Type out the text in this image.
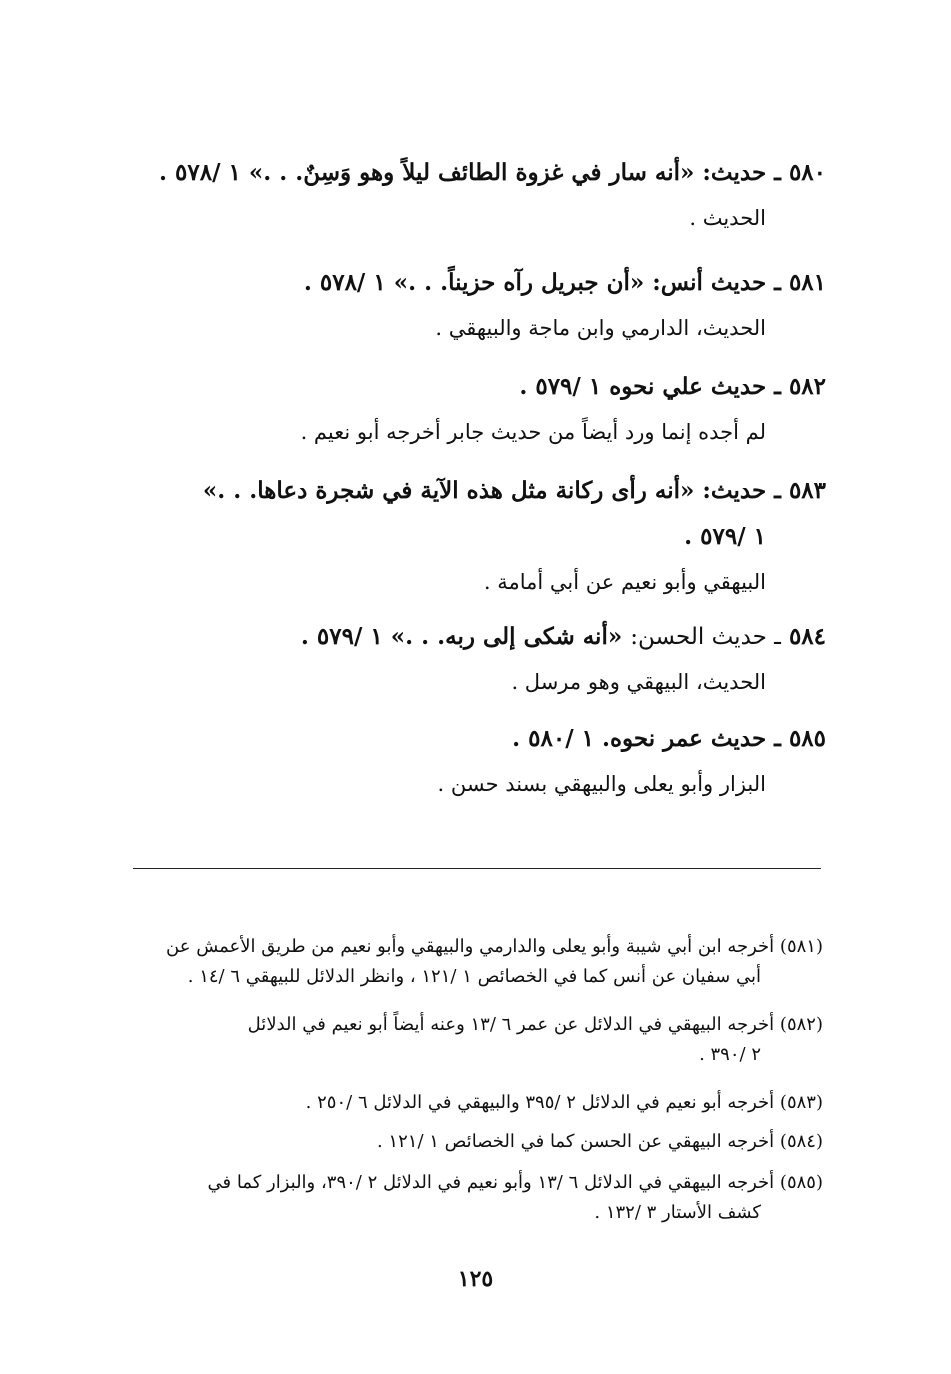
٥٨٠ ـ حديث: «أنه سار في غزوة الطائف ليلاً وهو وَسِنٌ. . .» ١ /٥٧٨ .
الحديث .
٥٨١ ـ حديث أنس: «أن جبريل رآه حزيناً. . .» ١ /٥٧٨ .
الحديث، الدارمي وابن ماجة والبيهقي .
٥٨٢ ـ حديث علي نحوه ١ /٥٧٩ .
لم أجده إنما ورد أيضاً من حديث جابر أخرجه أبو نعيم .
٥٨٣ ـ حديث: «أنه رأى ركانة مثل هذه الآية في شجرة دعاها. . .»
١ /٥٧٩ .
البيهقي وأبو نعيم عن أبي أمامة .
٥٨٤ ـ حديث الحسن: «أنه شكى إلى ربه. . .» ١ /٥٧٩ .
الحديث، البيهقي وهو مرسل .
٥٨٥ ـ حديث عمر نحوه. ١ /٥٨٠ .
البزار وأبو يعلى والبيهقي بسند حسن .
(٥٨١) أخرجه ابن أبي شيبة وأبو يعلى والدارمي والبيهقي وأبو نعيم من طريق الأعمش عن
أبي سفيان عن أنس كما في الخصائص ١ /١٢١ ، وانظر الدلائل للبيهقي ٦ /١٤ .
(٥٨٢) أخرجه البيهقي في الدلائل عن عمر ٦ /١٣ وعنه أيضاً أبو نعيم في الدلائل
٢ /٣٩٠ .
(٥٨٣) أخرجه أبو نعيم في الدلائل ٢ /٣٩٥ والبيهقي في الدلائل ٦ /٢٥٠ .
(٥٨٤) أخرجه البيهقي عن الحسن كما في الخصائص ١ /١٢١ .
(٥٨٥) أخرجه البيهقي في الدلائل ٦ /١٣ وأبو نعيم في الدلائل ٢ /٣٩٠، والبزار كما في
كشف الأستار ٣ /١٣٢ .
١٢٥
